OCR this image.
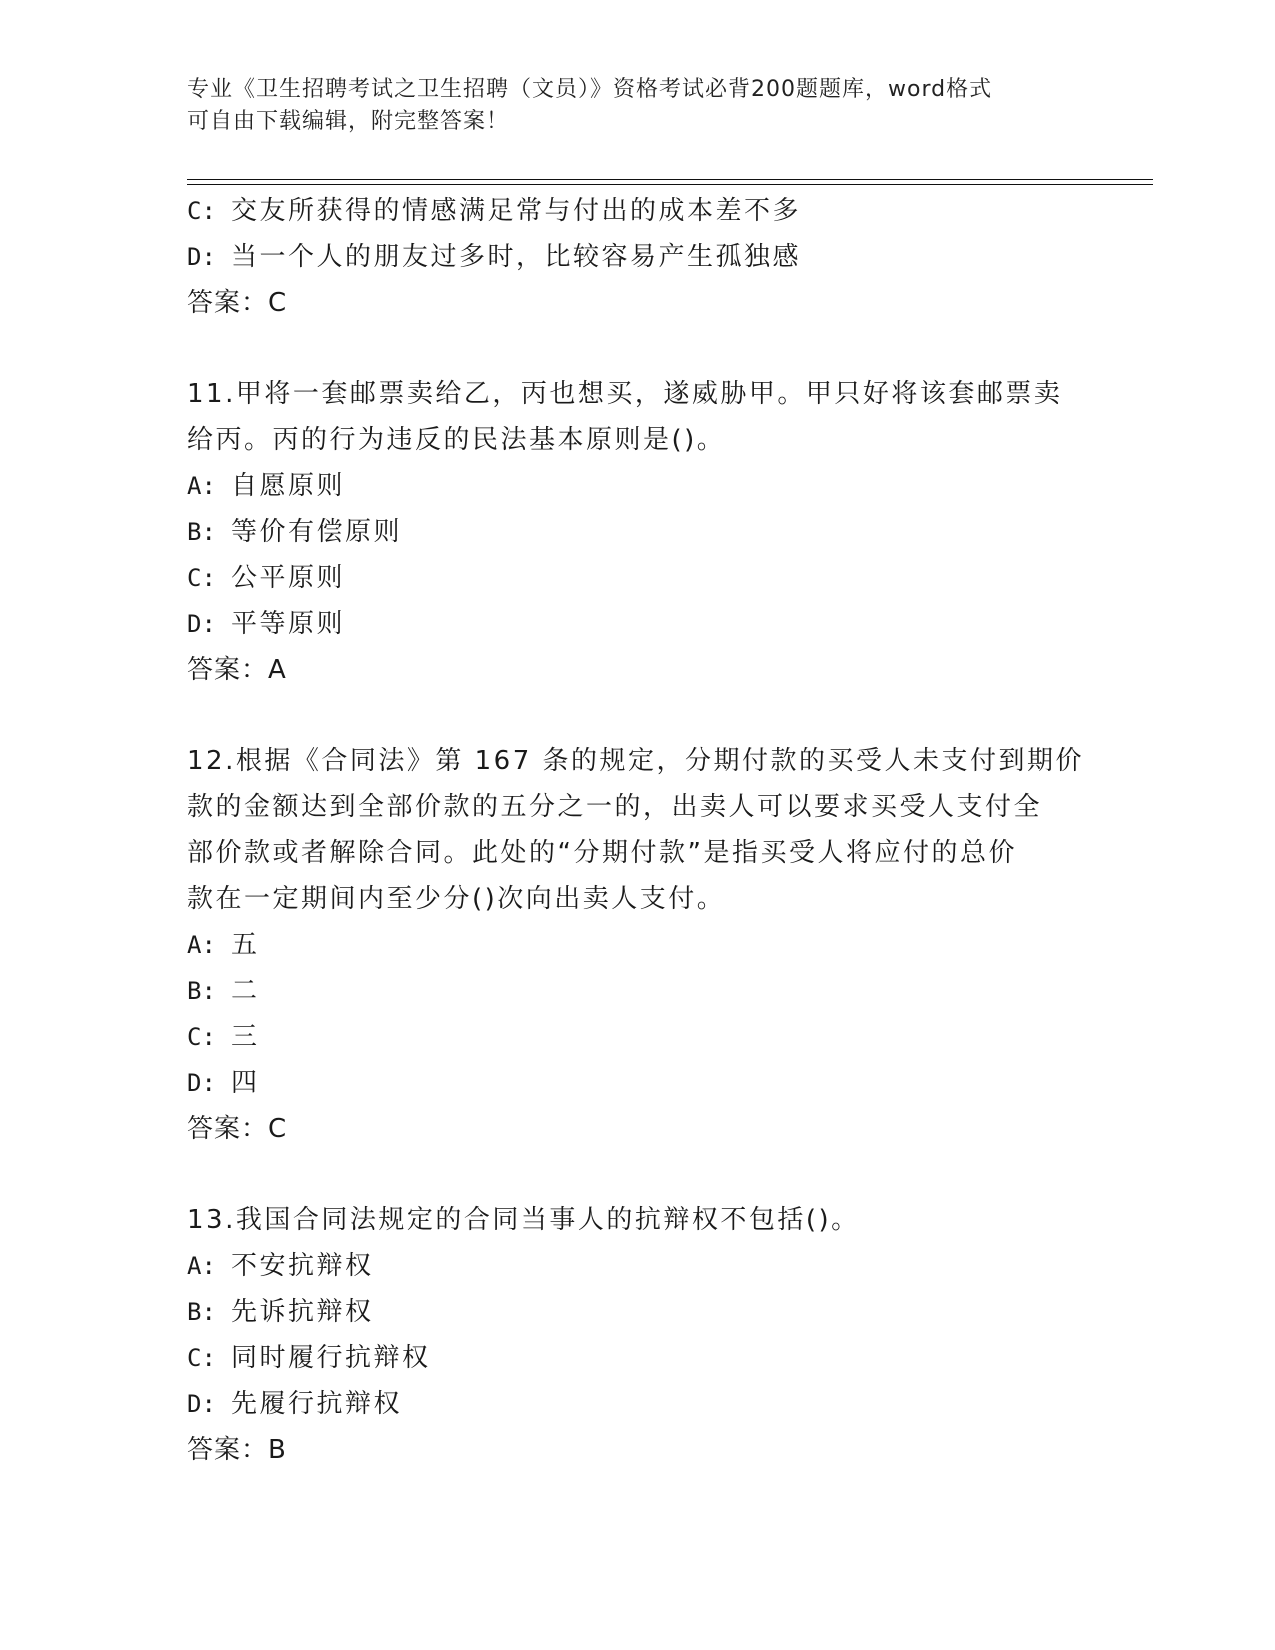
专业《卫生招聘考试之卫生招聘（文员）》资格考试必背200题题库，word格式
可自由下载编辑，附完整答案！
C: 交友所获得的情感满足常与付出的成本差不多
D: 当一个人的朋友过多时，比较容易产生孤独感
答案：C
11.甲将一套邮票卖给乙，丙也想买，遂威胁甲。甲只好将该套邮票卖
给丙。丙的行为违反的民法基本原则是()。
A: 自愿原则
B: 等价有偿原则
C: 公平原则
D: 平等原则
答案：A
12.根据《合同法》第 167 条的规定，分期付款的买受人未支付到期价
款的金额达到全部价款的五分之一的，出卖人可以要求买受人支付全
部价款或者解除合同。此处的“分期付款”是指买受人将应付的总价
款在一定期间内至少分()次向出卖人支付。
A: 五
B: 二
C: 三
D: 四
答案：C
13.我国合同法规定的合同当事人的抗辩权不包括()。
A: 不安抗辩权
B: 先诉抗辩权
C: 同时履行抗辩权
D: 先履行抗辩权
答案：B
